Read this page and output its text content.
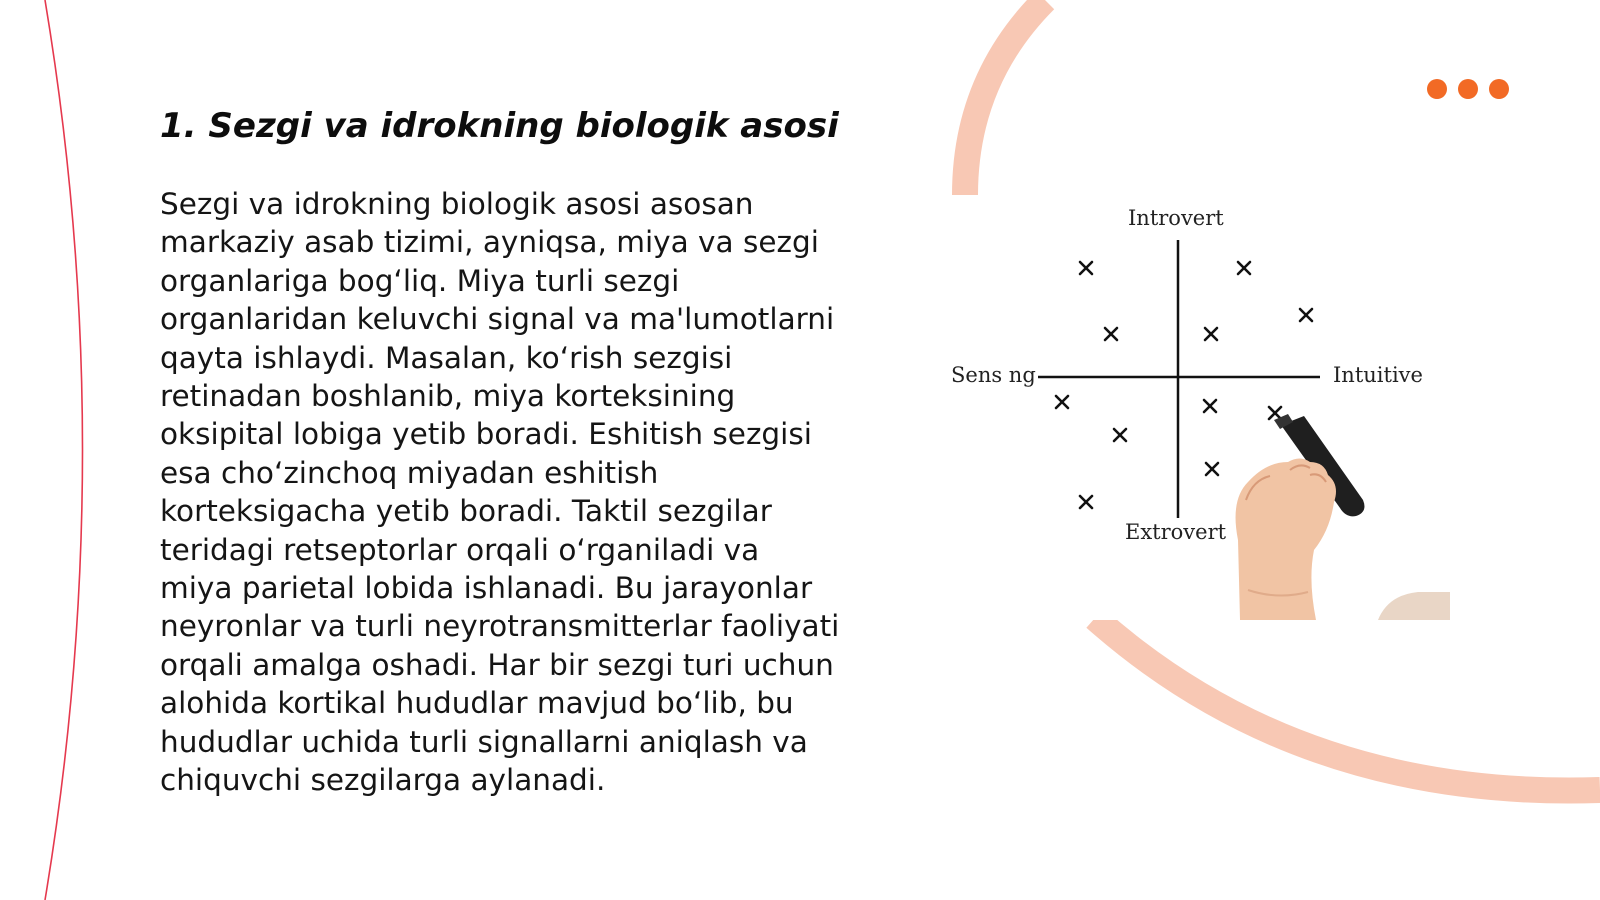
1. Sezgi va idrokning biologik asosi

Sezgi va idrokning biologik asosi asosan markaziy asab tizimi, ayniqsa, miya va sezgi organlariga bog‘liq. Miya turli sezgi organlaridan keluvchi signal va ma'lumotlarni qayta ishlaydi. Masalan, ko‘rish sezgisi retinadan boshlanib, miya korteksining oksipital lobiga yetib boradi. Eshitish sezgisi esa cho‘zinchoq miyadan eshitish korteksigacha yetib boradi. Taktil sezgilar teridagi retseptorlar orqali o‘rganiladi va miya parietal lobida ishlanadi. Bu jarayonlar neyronlar va turli neyrotransmitterlar faoliyati orqali amalga oshadi. Har bir sezgi turi uchun alohida kortikal hududlar mavjud bo‘lib, bu hududlar uchida turli signallarni aniqlash va chiquvchi sezgilarga aylanadi.

Introvert
Extrovert
Sens ng	Intuitive
